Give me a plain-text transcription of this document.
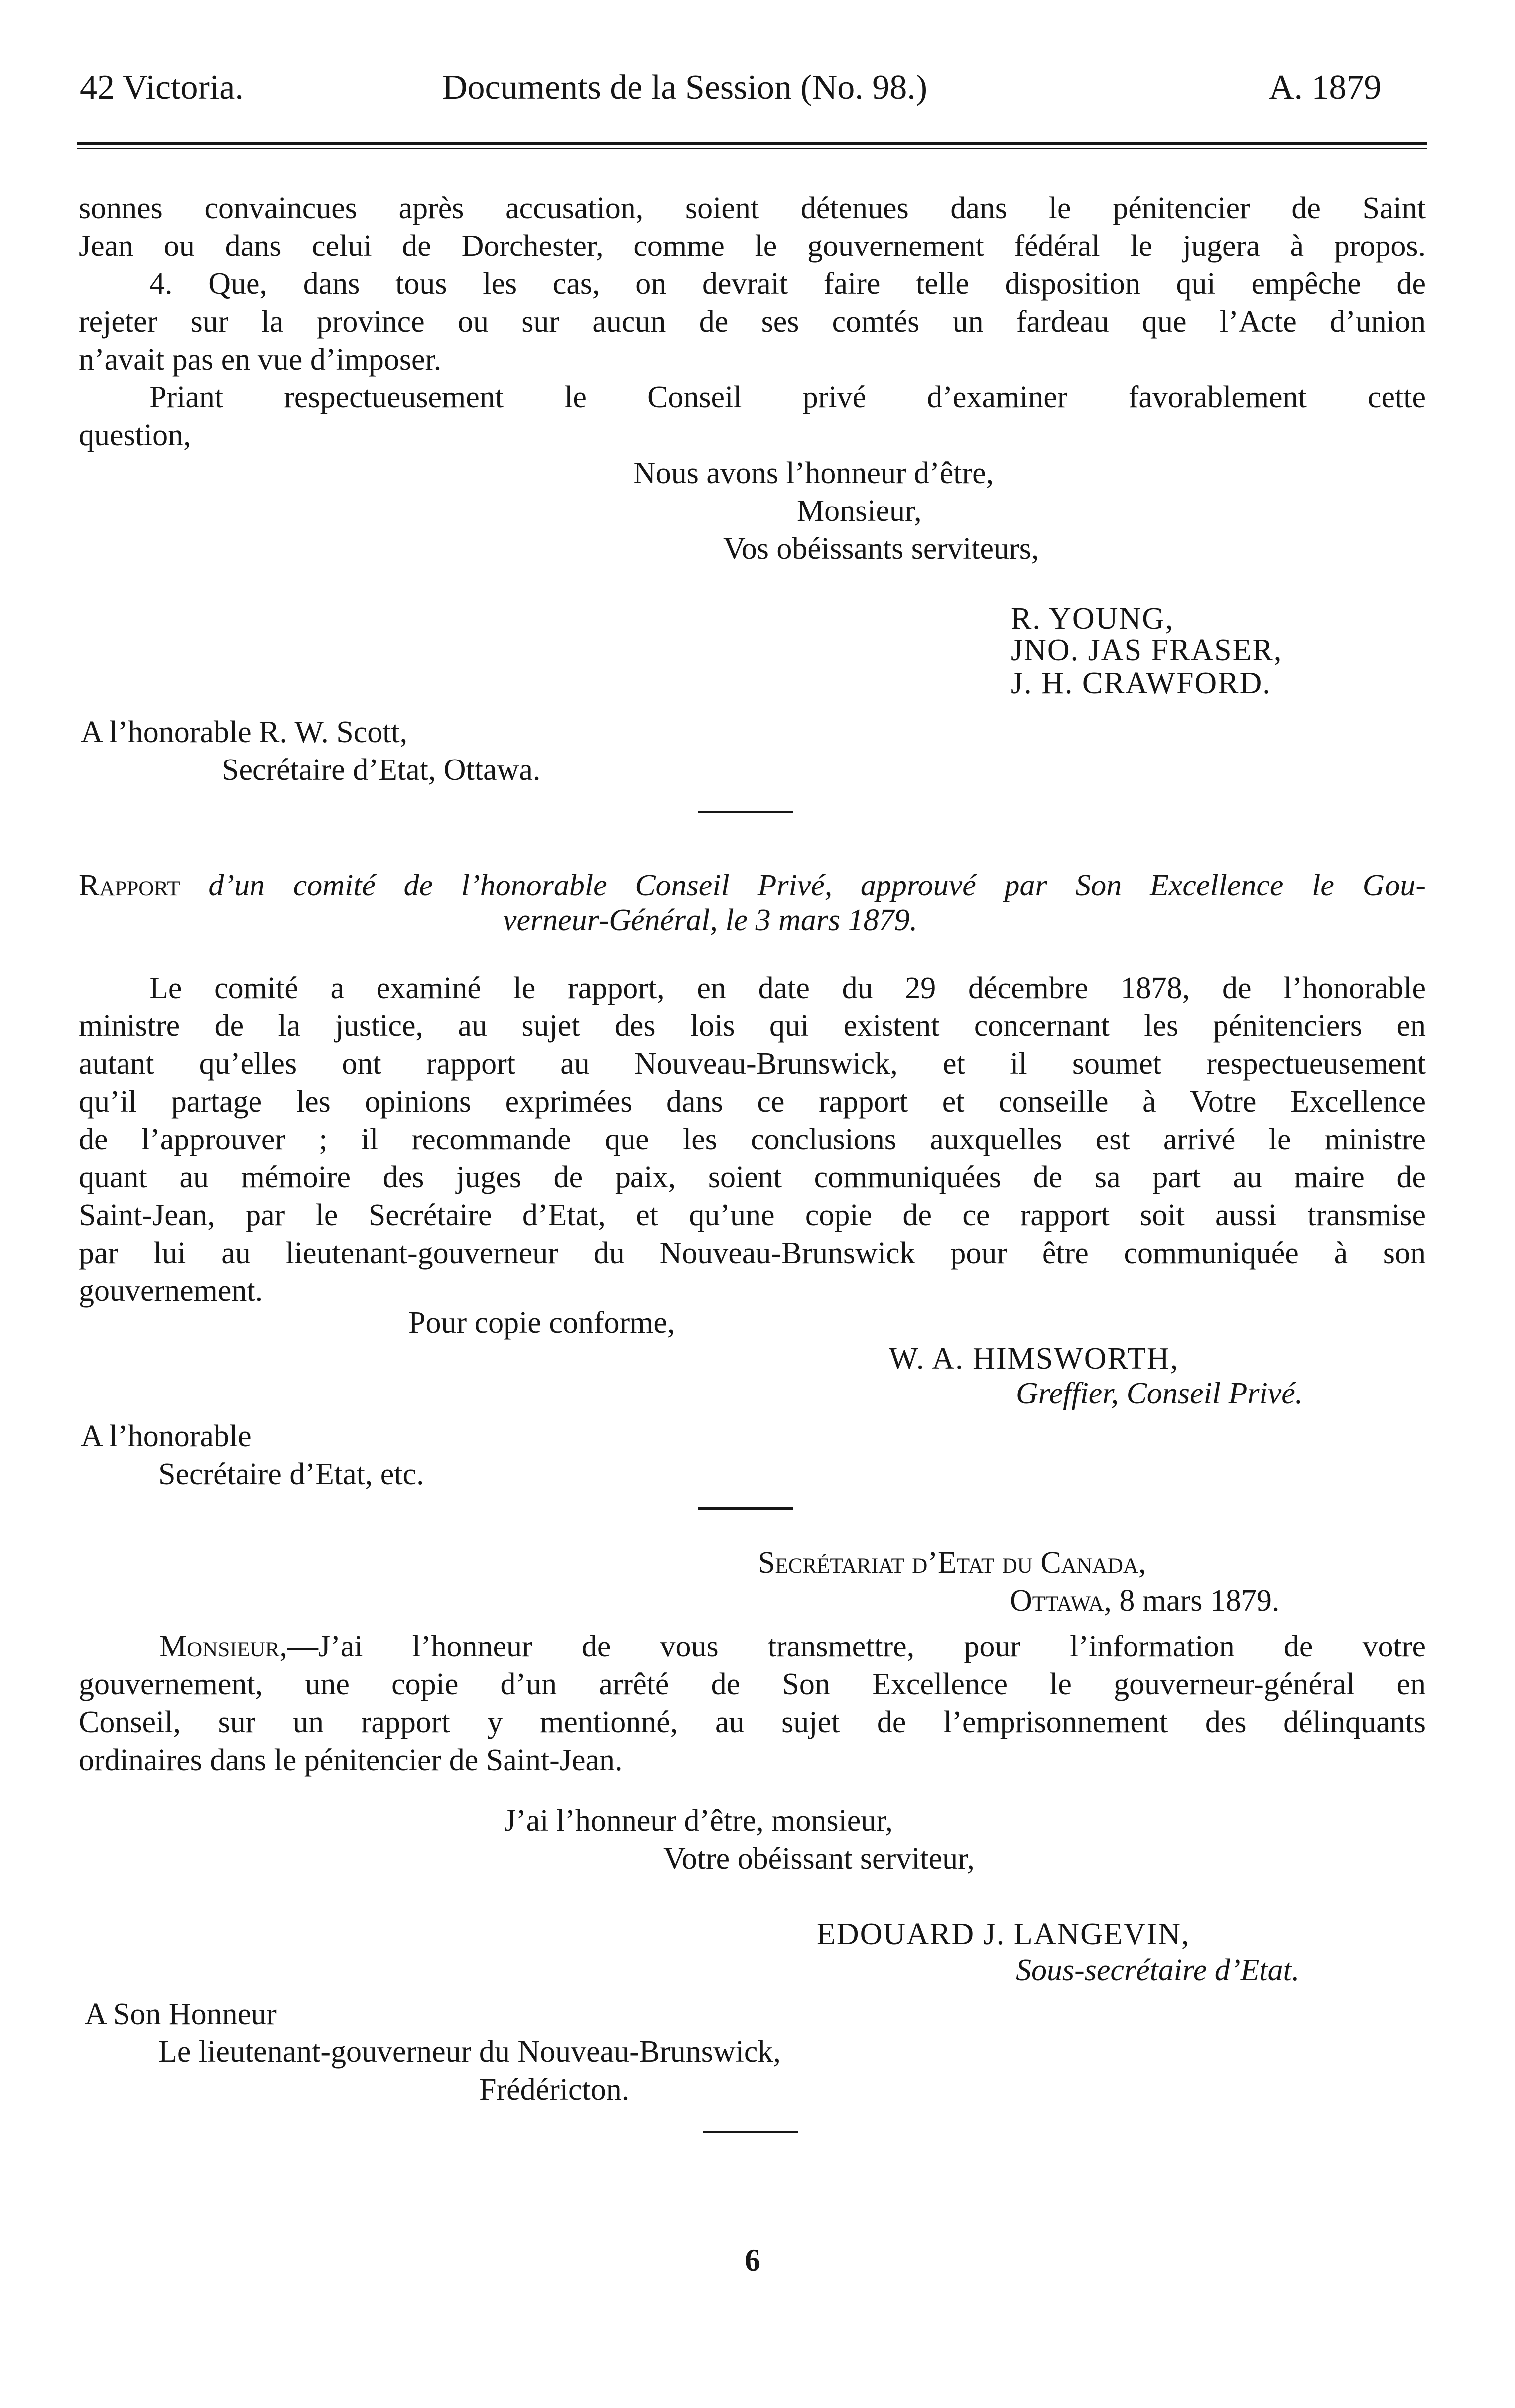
42 Victoria.	Documents de la Session (No. 98.)	A. 1879
sonnes convaincues après accusation, soient détenues dans le pénitencier de Saint
Jean ou dans celui de Dorchester, comme le gouvernement fédéral le jugera à propos.
4. Que, dans tous les cas, on devrait faire telle disposition qui empêche de
rejeter sur la province ou sur aucun de ses comtés un fardeau que l’Acte d’union
n’avait pas en vue d’imposer.
Priant respectueusement le Conseil privé d’examiner favorablement cette
question,
Nous avons l’honneur d’être,
Monsieur,
Vos obéissants serviteurs,
R. YOUNG,
JNO. JAS FRASER,
J. H. CRAWFORD.
A l’honorable R. W. Scott,
Secrétaire d’Etat, Ottawa.
Rapport d’un comité de l’honorable Conseil Privé, approuvé par Son Excellence le Gou-
verneur-Général, le 3 mars 1879.
Le comité a examiné le rapport, en date du 29 décembre 1878, de l’honorable
ministre de la justice, au sujet des lois qui existent concernant les pénitenciers en
autant qu’elles ont rapport au Nouveau-Brunswick, et il soumet respectueusement
qu’il partage les opinions exprimées dans ce rapport et conseille à Votre Excellence
de l’approuver ; il recommande que les conclusions auxquelles est arrivé le ministre
quant au mémoire des juges de paix, soient communiquées de sa part au maire de
Saint-Jean, par le Secrétaire d’Etat, et qu’une copie de ce rapport soit aussi transmise
par lui au lieutenant-gouverneur du Nouveau-Brunswick pour être communiquée à son
gouvernement.
Pour copie conforme,
W. A. HIMSWORTH,
Greffier, Conseil Privé.
A l’honorable
Secrétaire d’Etat, etc.
Secrétariat d’Etat du Canada,
Ottawa, 8 mars 1879.
Monsieur,—J’ai l’honneur de vous transmettre, pour l’information de votre
gouvernement, une copie d’un arrêté de Son Excellence le gouverneur-général en
Conseil, sur un rapport y mentionné, au sujet de l’emprisonnement des délinquants
ordinaires dans le pénitencier de Saint-Jean.
J’ai l’honneur d’être, monsieur,
Votre obéissant serviteur,
EDOUARD J. LANGEVIN,
Sous-secrétaire d’Etat.
A Son Honneur
Le lieutenant-gouverneur du Nouveau-Brunswick,
Frédéricton.
6
